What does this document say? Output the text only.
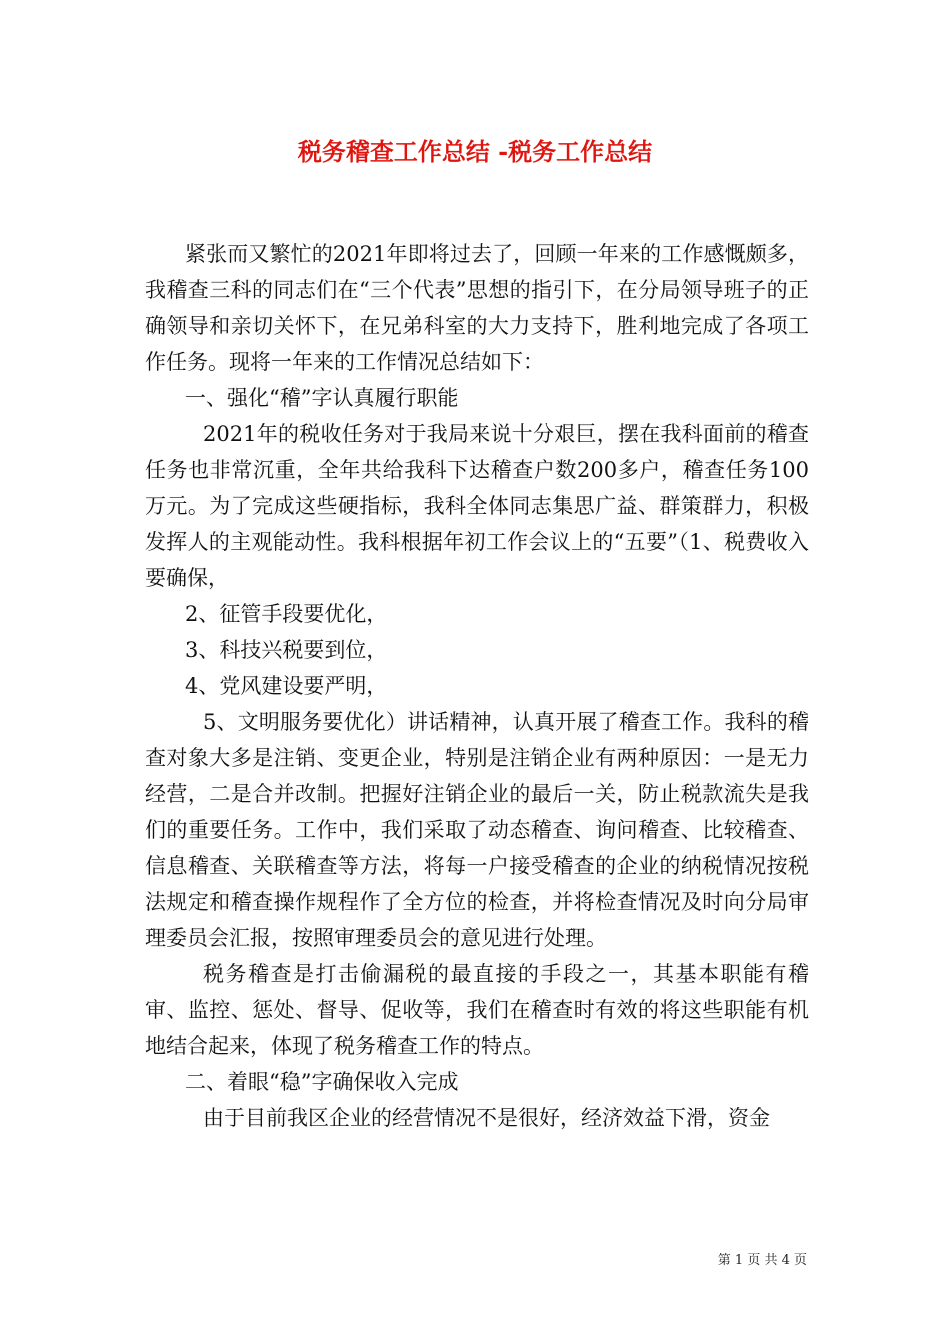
税务稽查工作总结 -税务工作总结

紧张而又繁忙的2021年即将过去了，回顾一年来的工作感慨颇多，我稽查三科的同志们在“三个代表”思想的指引下，在分局领导班子的正确领导和亲切关怀下，在兄弟科室的大力支持下，胜利地完成了各项工作任务。现将一年来的工作情况总结如下：

一、强化“稽”字认真履行职能

2021年的税收任务对于我局来说十分艰巨，摆在我科面前的稽查任务也非常沉重，全年共给我科下达稽查户数200多户，稽查任务100万元。为了完成这些硬指标，我科全体同志集思广益、群策群力，积极发挥人的主观能动性。我科根据年初工作会议上的“五要”（1、税费收入要确保，

2、征管手段要优化，

3、科技兴税要到位，

4、党风建设要严明，

5、文明服务要优化）讲话精神，认真开展了稽查工作。我科的稽查对象大多是注销、变更企业，特别是注销企业有两种原因：一是无力经营，二是合并改制。把握好注销企业的最后一关，防止税款流失是我们的重要任务。工作中，我们采取了动态稽查、询问稽查、比较稽查、信息稽查、关联稽查等方法，将每一户接受稽查的企业的纳税情况按税法规定和稽查操作规程作了全方位的检查，并将检查情况及时向分局审理委员会汇报，按照审理委员会的意见进行处理。

税务稽查是打击偷漏税的最直接的手段之一，其基本职能有稽审、监控、惩处、督导、促收等，我们在稽查时有效的将这些职能有机地结合起来，体现了税务稽查工作的特点。

二、着眼“稳”字确保收入完成

由于目前我区企业的经营情况不是很好，经济效益下滑，资金

第 1 页 共 4 页
